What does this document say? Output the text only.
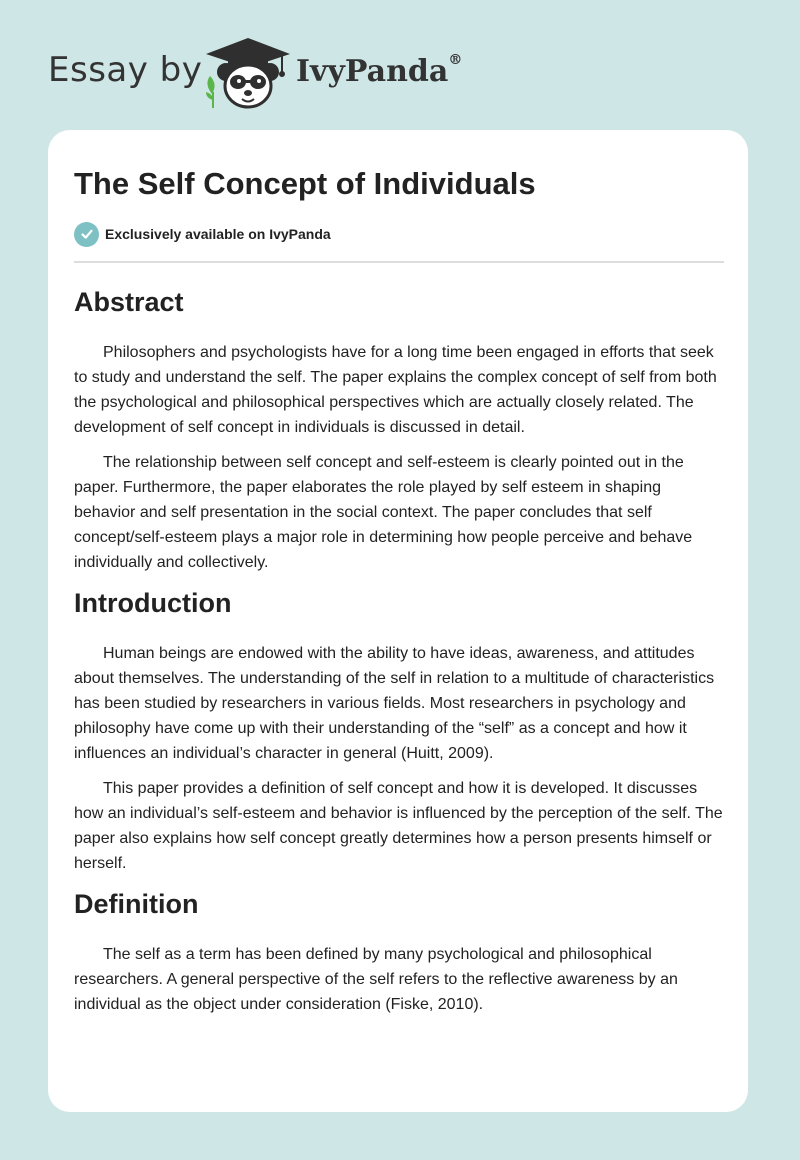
Essay by	IvyPanda®
The Self Concept of Individuals
Exclusively available on IvyPanda
Abstract

Philosophers and psychologists have for a long time been engaged in efforts that seek to study and understand the self. The paper explains the complex concept of self from both the psychological and philosophical perspectives which are actually closely related. The development of self concept in individuals is discussed in detail.

The relationship between self concept and self-esteem is clearly pointed out in the paper. Furthermore, the paper elaborates the role played by self esteem in shaping behavior and self presentation in the social context. The paper concludes that self concept/self-esteem plays a major role in determining how people perceive and behave individually and collectively.

Introduction

Human beings are endowed with the ability to have ideas, awareness, and attitudes about themselves. The understanding of the self in relation to a multitude of characteristics has been studied by researchers in various fields. Most researchers in psychology and philosophy have come up with their understanding of the “self” as a concept and how it influences an individual’s character in general (Huitt, 2009).

This paper provides a definition of self concept and how it is developed. It discusses how an individual’s self-esteem and behavior is influenced by the perception of the self. The paper also explains how self concept greatly determines how a person presents himself or herself.

Definition

The self as a term has been defined by many psychological and philosophical researchers. A general perspective of the self refers to the reflective awareness by an individual as the object under consideration (Fiske, 2010).
